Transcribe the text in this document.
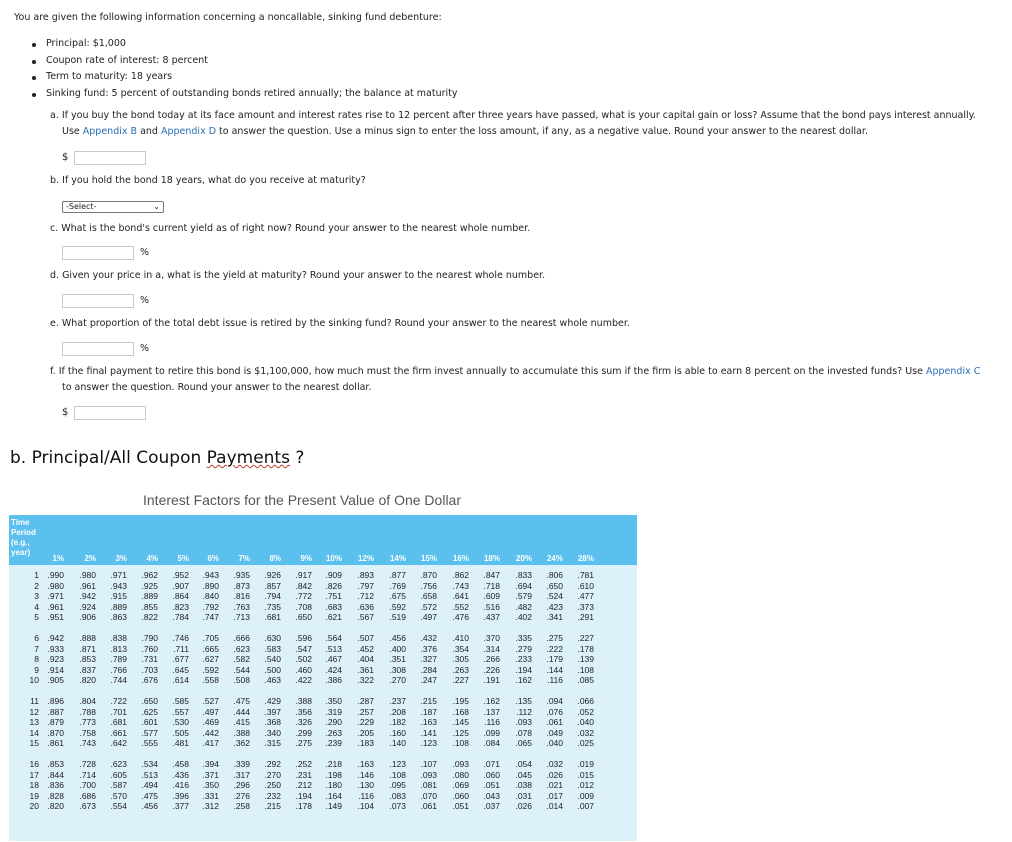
You are given the following information concerning a noncallable, sinking fund debenture:
Principal: $1,000
Coupon rate of interest: 8 percent
Term to maturity: 18 years
Sinking fund: 5 percent of outstanding bonds retired annually; the balance at maturity
a. If you buy the bond today at its face amount and interest rates rise to 12 percent after three years have passed, what is your capital gain or loss? Assume that the bond pays interest annually.
Use Appendix B and Appendix D to answer the question. Use a minus sign to enter the loss amount, if any, as a negative value. Round your answer to the nearest dollar.
$
b. If you hold the bond 18 years, what do you receive at maturity?
-Select-	⌄
c. What is the bond's current yield as of right now? Round your answer to the nearest whole number.
%
d. Given your price in a, what is the yield at maturity? Round your answer to the nearest whole number.
%
e. What proportion of the total debt issue is retired by the sinking fund? Round your answer to the nearest whole number.
%
f. If the final payment to retire this bond is $1,100,000, how much must the firm invest annually to accumulate this sum if the firm is able to earn 8 percent on the invested funds? Use Appendix C
to answer the question. Round your answer to the nearest dollar.
$
b. Principal/All Coupon Payments ?
Interest Factors for the Present Value of One Dollar
Time
Period
(e.g.,
year)
1%	2% 3% 4% 5% 6% 7% 8% 9% 10% 12% 14% 15% 16% 18% 20% 24% 28%
1 .990 .980 .971 .962 .952 .943 .935 .926 .917 .909 .893 .877 .870 .862 .847 .833 .806 .781
2 .980 .961 .943 .925 .907 .890 .873 .857 .842 .826 .797 .769 .756 .743 .718 .694 .650 .610
3 .971 .942 .915 .889 .864 .840 .816 .794 .772 .751 .712 .675 .658 .641 .609 .579 .524 .477
4 .961 .924 .889 .855 .823 .792 .763 .735 .708 .683 .636 .592 .572 .552 .516 .482 .423 .373
5 .951 .906 .863 .822 .784 .747 .713 .681 .650 .621 .567 .519 .497 .476 .437 .402 .341 .291
6 .942 .888 .838 .790 .746 .705 .666 .630 .596 .564 .507 .456 .432 .410 .370 .335 .275 .227
7 .933 .871 .813 .760 .711 .665 .623 .583 .547 .513 .452 .400 .376 .354 .314 .279 .222 .178
8 .923 .853 .789 .731 .677 .627 .582 .540 .502 .467 .404 .351 .327 .305 .266 .233 .179 .139
9 .914 .837 .766 .703 .645 .592 .544 .500 .460 .424 .361 .308 .284 .263 .226 .194 .144 .108
10 .905 .820 .744 .676 .614 .558 .508 .463 .422 .386 .322 .270 .247 .227 .191 .162 .116 .085
11 .896 .804 .722 .650 .585 .527 .475 .429 .388 .350 .287 .237 .215 .195 .162 .135 .094 .066
12 .887 .788 .701 .625 .557 .497 .444 .397 .356 .319 .257 .208 .187 .168 .137 .112 .076 .052
13 .879 .773 .681 .601 .530 .469 .415 .368 .326 .290 .229 .182 .163 .145 .116 .093 .061 .040
14 .870 .758 .661 .577 .505 .442 .388 .340 .299 .263 .205 .160 .141 .125 .099 .078 .049 .032
15 .861 .743 .642 .555 .481 .417 .362 .315 .275 .239 .183 .140 .123 .108 .084 .065 .040 .025
16 .853 .728 .623 .534 .458 .394 .339 .292 .252 .218 .163 .123 .107 .093 .071 .054 .032 .019
17 .844 .714 .605 .513 .436 .371 .317 .270 .231 .198 .146 .108 .093 .080 .060 .045 .026 .015
18 .836 .700 .587 .494 .416 .350 .296 .250 .212 .180 .130 .095 .081 .069 .051 .038 .021 .012
19 .828 .686 .570 .475 .396 .331 .276 .232 .194 .164 .116 .083 .070 .060 .043 .031 .017 .009
20 .820 .673 .554 .456 .377 .312 .258 .215 .178 .149 .104 .073 .061 .051 .037 .026 .014 .007
